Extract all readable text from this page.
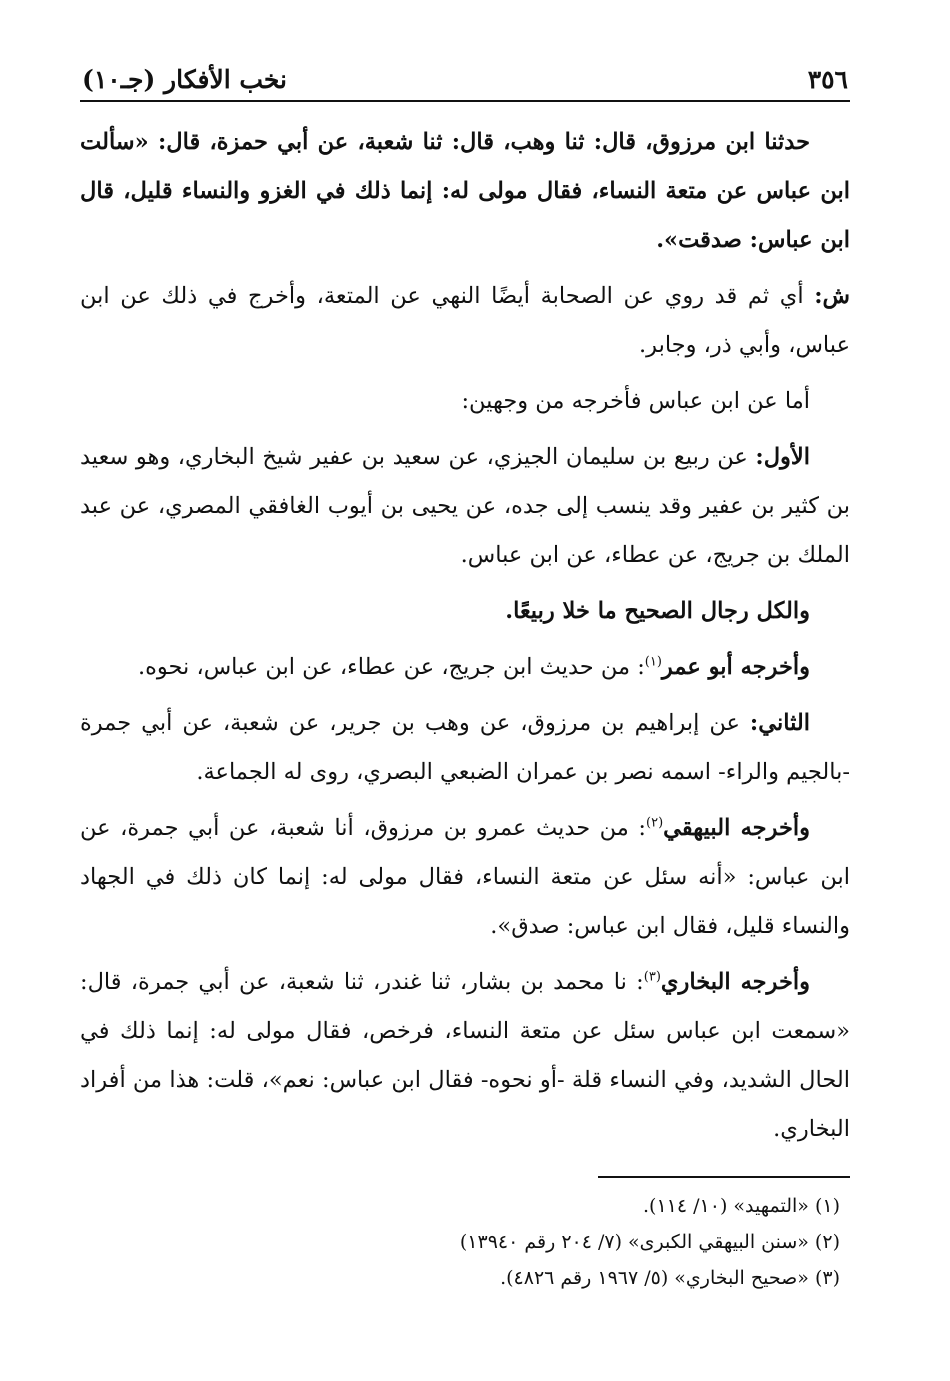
٣٥٦
نخب الأفكار (جـ١٠)

حدثنا ابن مرزوق، قال: ثنا وهب، قال: ثنا شعبة، عن أبي حمزة، قال: «سألت ابن عباس عن متعة النساء، فقال مولى له: إنما ذلك في الغزو والنساء قليل، قال ابن عباس: صدقت».

ش: أي ثم قد روي عن الصحابة أيضًا النهي عن المتعة، وأخرج في ذلك عن ابن عباس، وأبي ذر، وجابر.

أما عن ابن عباس فأخرجه من وجهين:

الأول: عن ربيع بن سليمان الجيزي، عن سعيد بن عفير شيخ البخاري، وهو سعيد بن كثير بن عفير وقد ينسب إلى جده، عن يحيى بن أيوب الغافقي المصري، عن عبد الملك بن جريج، عن عطاء، عن ابن عباس.

والكل رجال الصحيح ما خلا ربيعًا.

وأخرجه أبو عمر$^{(١)}$: من حديث ابن جريج، عن عطاء، عن ابن عباس، نحوه.

الثاني: عن إبراهيم بن مرزوق، عن وهب بن جرير، عن شعبة، عن أبي جمرة -بالجيم والراء- اسمه نصر بن عمران الضبعي البصري، روى له الجماعة.

وأخرجه البيهقي$^{(٢)}$: من حديث عمرو بن مرزوق، أنا شعبة، عن أبي جمرة، عن ابن عباس: «أنه سئل عن متعة النساء، فقال مولى له: إنما كان ذلك في الجهاد والنساء قليل، فقال ابن عباس: صدق».

وأخرجه البخاري$^{(٣)}$: نا محمد بن بشار، ثنا غندر، ثنا شعبة، عن أبي جمرة، قال: «سمعت ابن عباس سئل عن متعة النساء، فرخص، فقال مولى له: إنما ذلك في الحال الشديد، وفي النساء قلة -أو نحوه- فقال ابن عباس: نعم»، قلت: هذا من أفراد البخاري.

(١) «التمهيد» (١٠/ ١١٤).

(٢) «سنن البيهقي الكبرى» (٧/ ٢٠٤ رقم ١٣٩٤٠)

(٣) «صحيح البخاري» (٥/ ١٩٦٧ رقم ٤٨٢٦).
